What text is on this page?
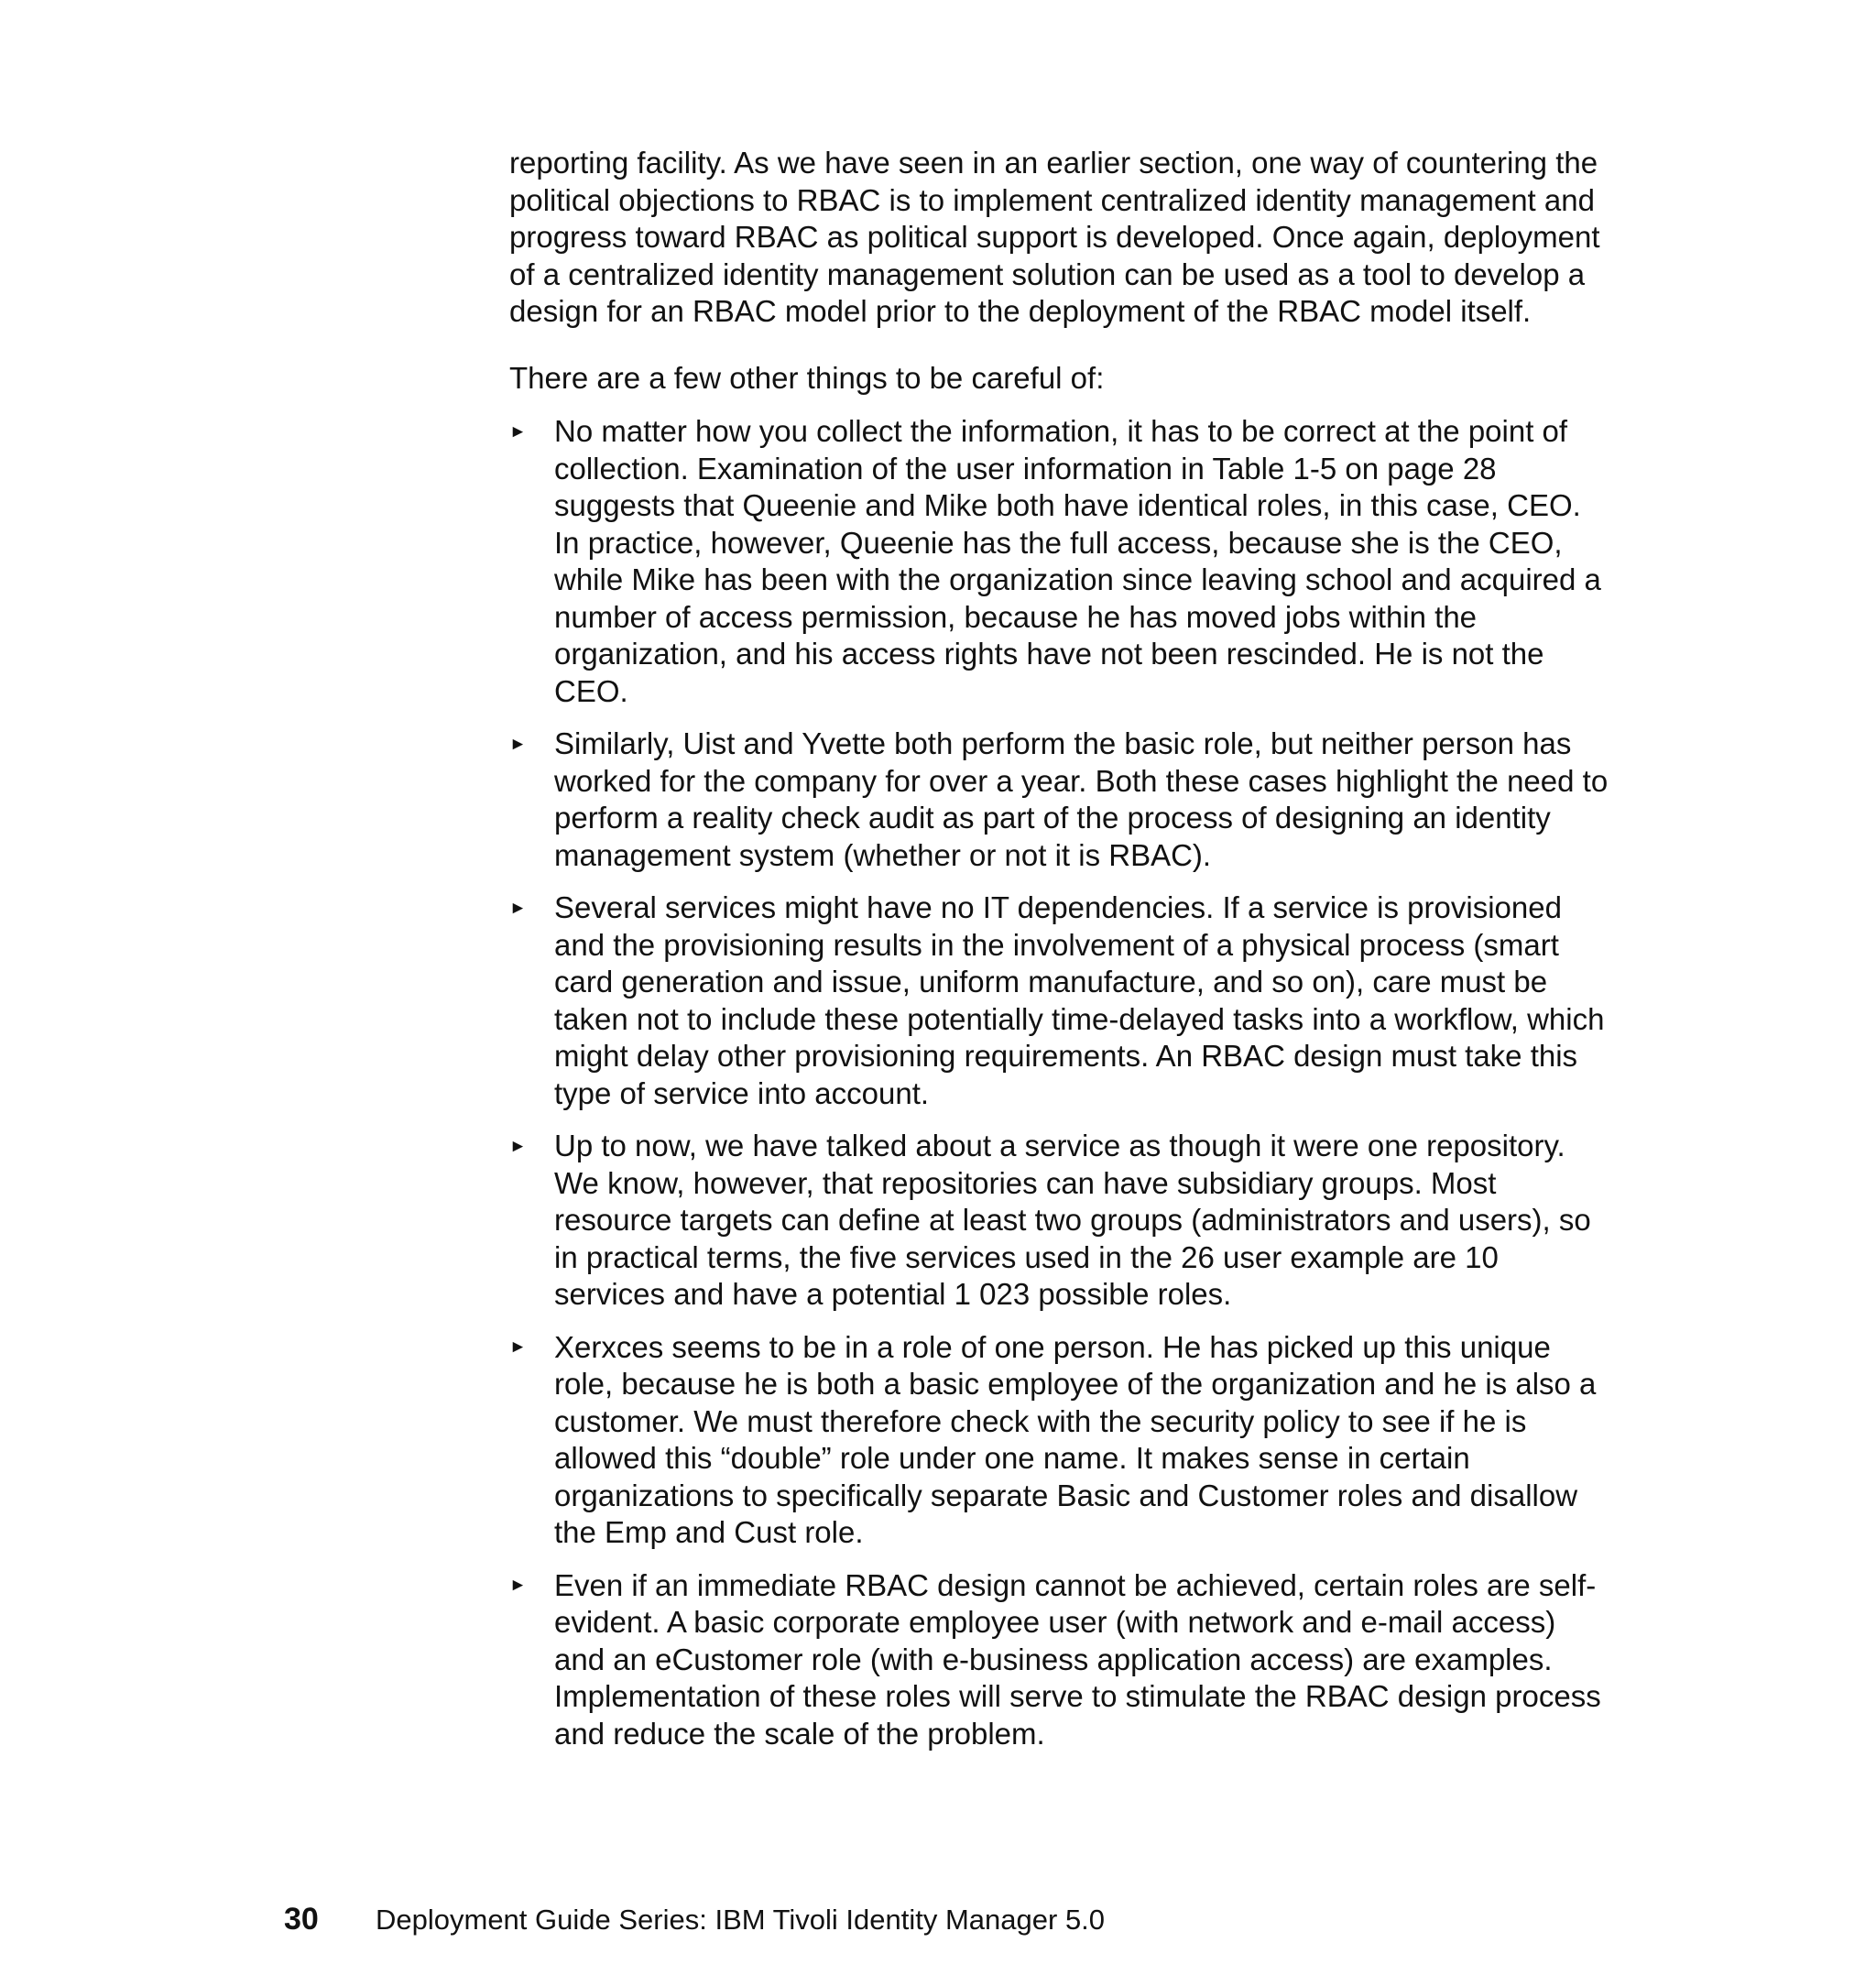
reporting facility. As we have seen in an earlier section, one way of countering the political objections to RBAC is to implement centralized identity management and progress toward RBAC as political support is developed. Once again, deployment of a centralized identity management solution can be used as a tool to develop a design for an RBAC model prior to the deployment of the RBAC model itself.

There are a few other things to be careful of:

► No matter how you collect the information, it has to be correct at the point of collection. Examination of the user information in Table 1-5 on page 28 suggests that Queenie and Mike both have identical roles, in this case, CEO. In practice, however, Queenie has the full access, because she is the CEO, while Mike has been with the organization since leaving school and acquired a number of access permission, because he has moved jobs within the organization, and his access rights have not been rescinded. He is not the CEO.
► Similarly, Uist and Yvette both perform the basic role, but neither person has worked for the company for over a year. Both these cases highlight the need to perform a reality check audit as part of the process of designing an identity management system (whether or not it is RBAC).
► Several services might have no IT dependencies. If a service is provisioned and the provisioning results in the involvement of a physical process (smart card generation and issue, uniform manufacture, and so on), care must be taken not to include these potentially time-delayed tasks into a workflow, which might delay other provisioning requirements. An RBAC design must take this type of service into account.
► Up to now, we have talked about a service as though it were one repository. We know, however, that repositories can have subsidiary groups. Most resource targets can define at least two groups (administrators and users), so in practical terms, the five services used in the 26 user example are 10 services and have a potential 1 023 possible roles.
► Xerxces seems to be in a role of one person. He has picked up this unique role, because he is both a basic employee of the organization and he is also a customer. We must therefore check with the security policy to see if he is allowed this “double” role under one name. It makes sense in certain organizations to specifically separate Basic and Customer roles and disallow the Emp and Cust role.
► Even if an immediate RBAC design cannot be achieved, certain roles are self-evident. A basic corporate employee user (with network and e-mail access) and an eCustomer role (with e-business application access) are examples. Implementation of these roles will serve to stimulate the RBAC design process and reduce the scale of the problem.
30	Deployment Guide Series: IBM Tivoli Identity Manager 5.0
